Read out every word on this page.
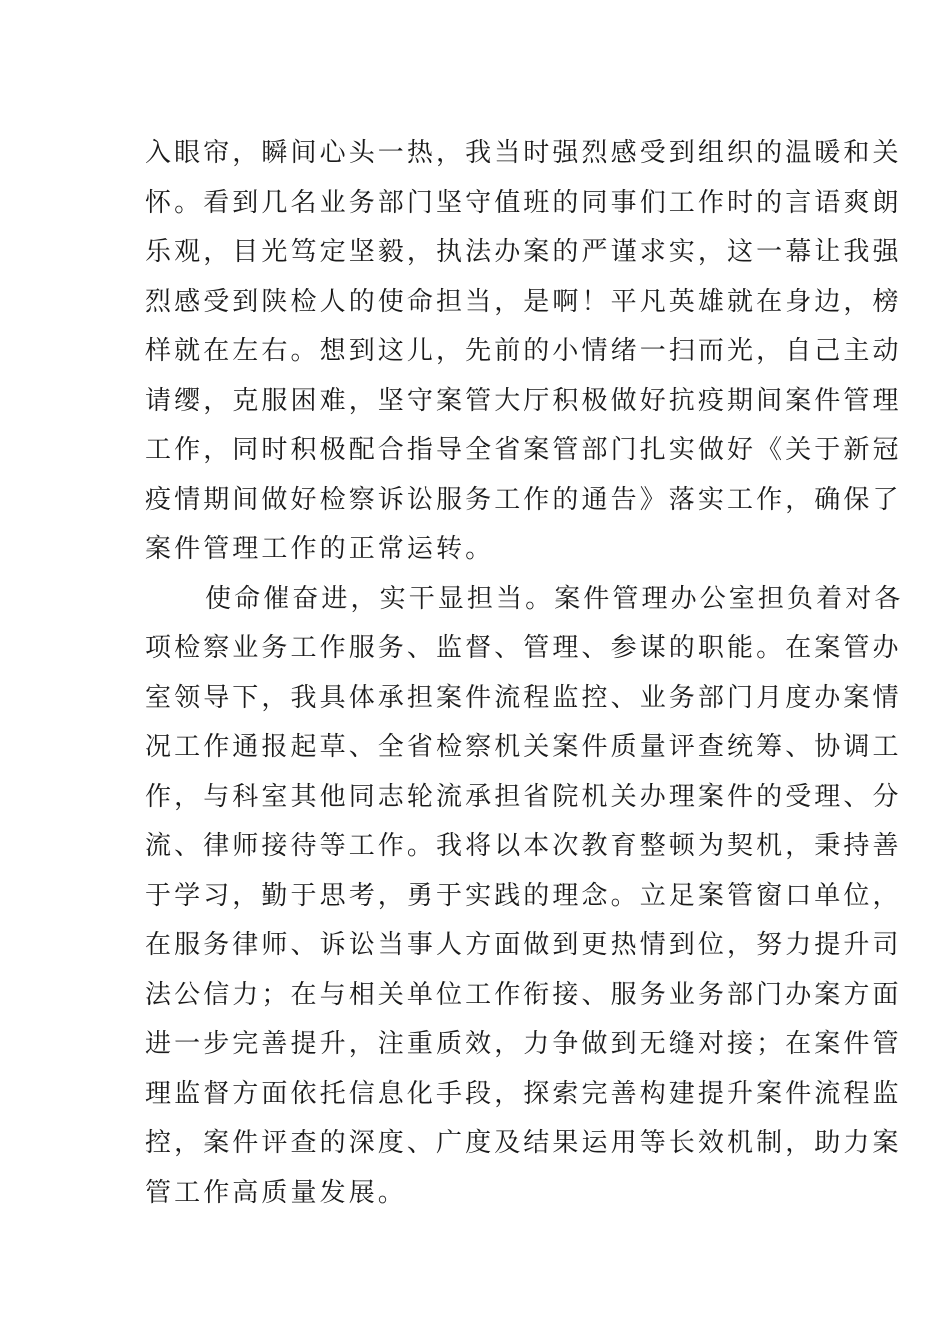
入眼帘，瞬间心头一热，我当时强烈感受到组织的温暖和关
怀。看到几名业务部门坚守值班的同事们工作时的言语爽朗
乐观，目光笃定坚毅，执法办案的严谨求实，这一幕让我强
烈感受到陕检人的使命担当，是啊！平凡英雄就在身边，榜
样就在左右。想到这儿，先前的小情绪一扫而光，自己主动
请缨，克服困难，坚守案管大厅积极做好抗疫期间案件管理
工作，同时积极配合指导全省案管部门扎实做好《关于新冠
疫情期间做好检察诉讼服务工作的通告》落实工作，确保了
案件管理工作的正常运转。
使命催奋进，实干显担当。案件管理办公室担负着对各
项检察业务工作服务、监督、管理、参谋的职能。在案管办
室领导下，我具体承担案件流程监控、业务部门月度办案情
况工作通报起草、全省检察机关案件质量评查统筹、协调工
作，与科室其他同志轮流承担省院机关办理案件的受理、分
流、律师接待等工作。我将以本次教育整顿为契机，秉持善
于学习，勤于思考，勇于实践的理念。立足案管窗口单位，
在服务律师、诉讼当事人方面做到更热情到位，努力提升司
法公信力；在与相关单位工作衔接、服务业务部门办案方面
进一步完善提升，注重质效，力争做到无缝对接；在案件管
理监督方面依托信息化手段，探索完善构建提升案件流程监
控，案件评查的深度、广度及结果运用等长效机制，助力案
管工作高质量发展。
